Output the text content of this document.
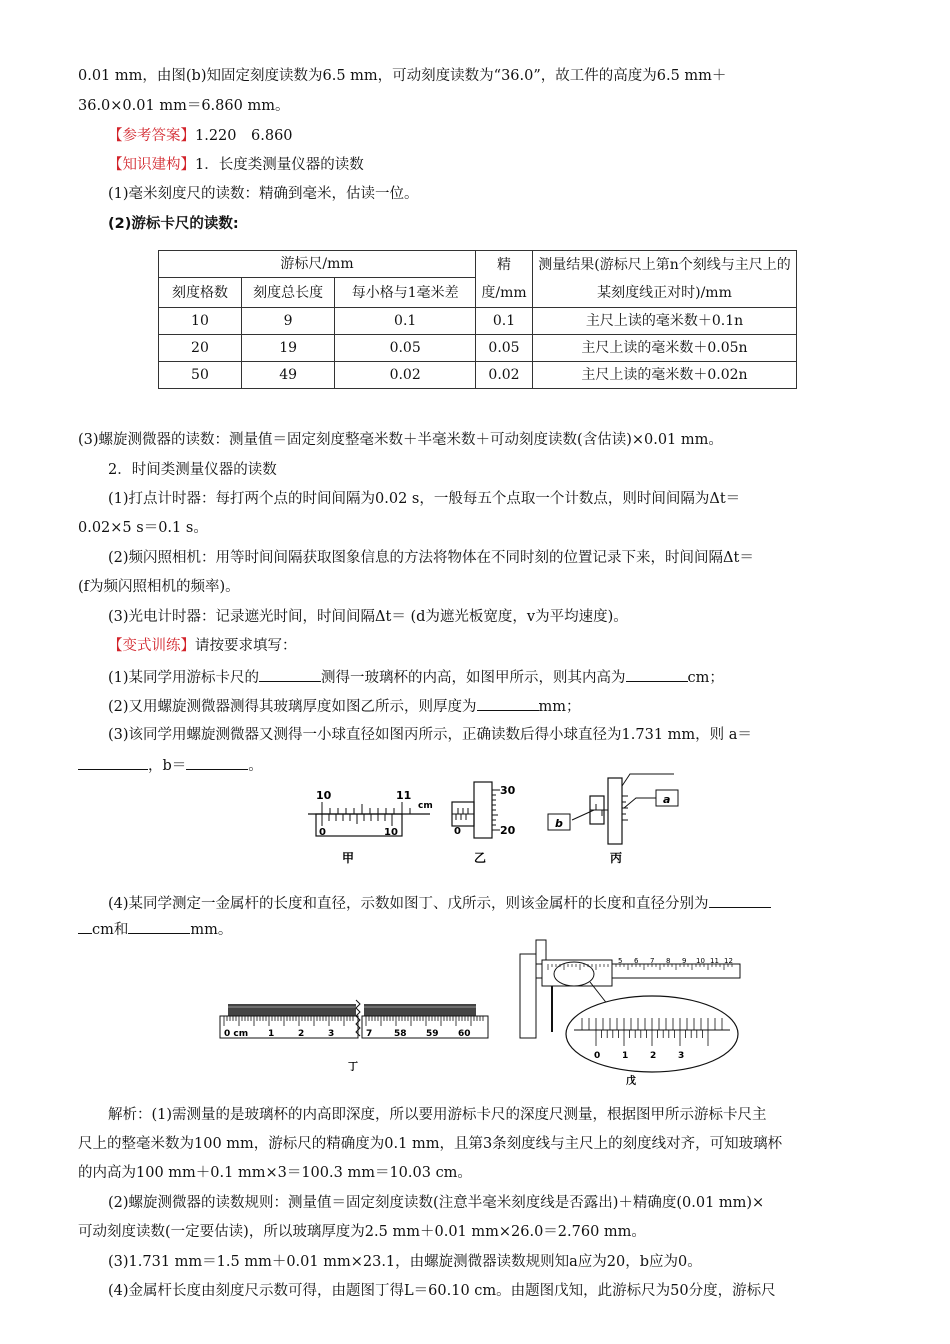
0.01 mm，由图(b)知固定刻度读数为6.5 mm，可动刻度读数为“36.0”，故工件的高度为6.5 mm＋
36.0×0.01 mm＝6.860 mm。
【参考答案】1.220　6.860
【知识建构】1．长度类测量仪器的读数
(1)毫米刻度尺的读数：精确到毫米，估读一位。
(2)游标卡尺的读数:
游标尺/mm			精度/mm	测量结果(游标尺上第n个刻线与主尺上的某刻度线正对时)/mm
刻度格数	刻度总长度	每小格与1毫米差		
10	9	0.1	0.1	主尺上读的毫米数＋0.1n
20	19	0.05	0.05	主尺上读的毫米数＋0.05n
50	49	0.02	0.02	主尺上读的毫米数＋0.02n
(3)螺旋测微器的读数：测量值＝固定刻度整毫米数＋半毫米数＋可动刻度读数(含估读)×0.01 mm。
2．时间类测量仪器的读数
(1)打点计时器：每打两个点的时间间隔为0.02 s，一般每五个点取一个计数点，则时间间隔为Δt＝
0.02×5 s＝0.1 s。
(2)频闪照相机：用等时间间隔获取图象信息的方法将物体在不同时刻的位置记录下来，时间间隔Δt＝
(f为频闪照相机的频率)。
(3)光电计时器：记录遮光时间，时间间隔Δt＝ (d为遮光板宽度，v为平均速度)。
【变式训练】请按要求填写：
(1)某同学用游标卡尺的	测得一玻璃杯的内高，如图甲所示，则其内高为	cm；
(2)又用螺旋测微器测得其玻璃厚度如图乙所示，则厚度为	mm；
(3)该同学用螺旋测微器又测得一小球直径如图丙所示，正确读数后得小球直径为1.731 mm，则 a＝
，b＝	。
(4)某同学测定一金属杆的长度和直径，示数如图丁、戊所示，则该金属杆的长度和直径分别为
cm和	mm。
解析：(1)需测量的是玻璃杯的内高即深度，所以要用游标卡尺的深度尺测量，根据图甲所示游标卡尺主
尺上的整毫米数为100 mm，游标尺的精确度为0.1 mm，且第3条刻度线与主尺上的刻度线对齐，可知玻璃杯
的内高为100 mm＋0.1 mm×3＝100.3 mm＝10.03 cm。
(2)螺旋测微器的读数规则：测量值＝固定刻度读数(注意半毫米刻度线是否露出)＋精确度(0.01 mm)×
可动刻度读数(一定要估读)，所以玻璃厚度为2.5 mm＋0.01 mm×26.0＝2.760 mm。
(3)1.731 mm＝1.5 mm＋0.01 mm×23.1，由螺旋测微器读数规则知a应为20，b应为0。
(4)金属杆长度由刻度尺示数可得，由题图丁得L＝60.10 cm。由题图戊知，此游标尺为50分度，游标尺
10	11
cm
0	10
甲
30
20
0
乙
a
b
丙
0 cm 1	2	3	7 58 59 60
丁
5 6 7 8 9 10 11 12
0 1 2 3
戊
